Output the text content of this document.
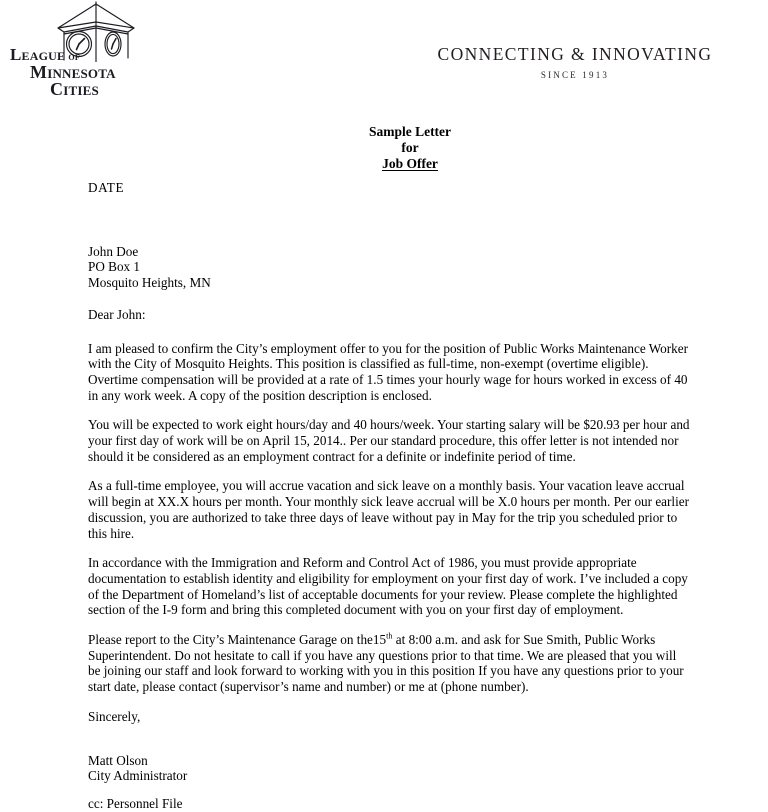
League of
Minnesota
Cities
CONNECTING & INNOVATING
SINCE 1913
Sample Letter
for
Job Offer
DATE
John Doe
PO Box 1
Mosquito Heights, MN
Dear John:
I am pleased to confirm the City’s employment offer to you for the position of Public Works Maintenance Worker with the City of Mosquito Heights. This position is classified as full-time, non-exempt (overtime eligible). Overtime compensation will be provided at a rate of 1.5 times your hourly wage for hours worked in excess of 40 in any work week. A copy of the position description is enclosed.
You will be expected to work eight hours/day and 40 hours/week. Your starting salary will be $20.93 per hour and your first day of work will be on April 15, 2014.. Per our standard procedure, this offer letter is not intended nor should it be considered as an employment contract for a definite or indefinite period of time.
As a full-time employee, you will accrue vacation and sick leave on a monthly basis. Your vacation leave accrual will begin at XX.X hours per month. Your monthly sick leave accrual will be X.0 hours per month. Per our earlier discussion, you are authorized to take three days of leave without pay in May for the trip you scheduled prior to this hire.
In accordance with the Immigration and Reform and Control Act of 1986, you must provide appropriate documentation to establish identity and eligibility for employment on your first day of work. I’ve included a copy of the Department of Homeland’s list of acceptable documents for your review. Please complete the highlighted section of the I-9 form and bring this completed document with you on your first day of employment.
Please report to the City’s Maintenance Garage on the15th at 8:00 a.m. and ask for Sue Smith, Public Works Superintendent. Do not hesitate to call if you have any questions prior to that time. We are pleased that you will be joining our staff and look forward to working with you in this position If you have any questions prior to your start date, please contact (supervisor’s name and number) or me at (phone number).
Sincerely,
Matt Olson
City Administrator
cc: Personnel File
